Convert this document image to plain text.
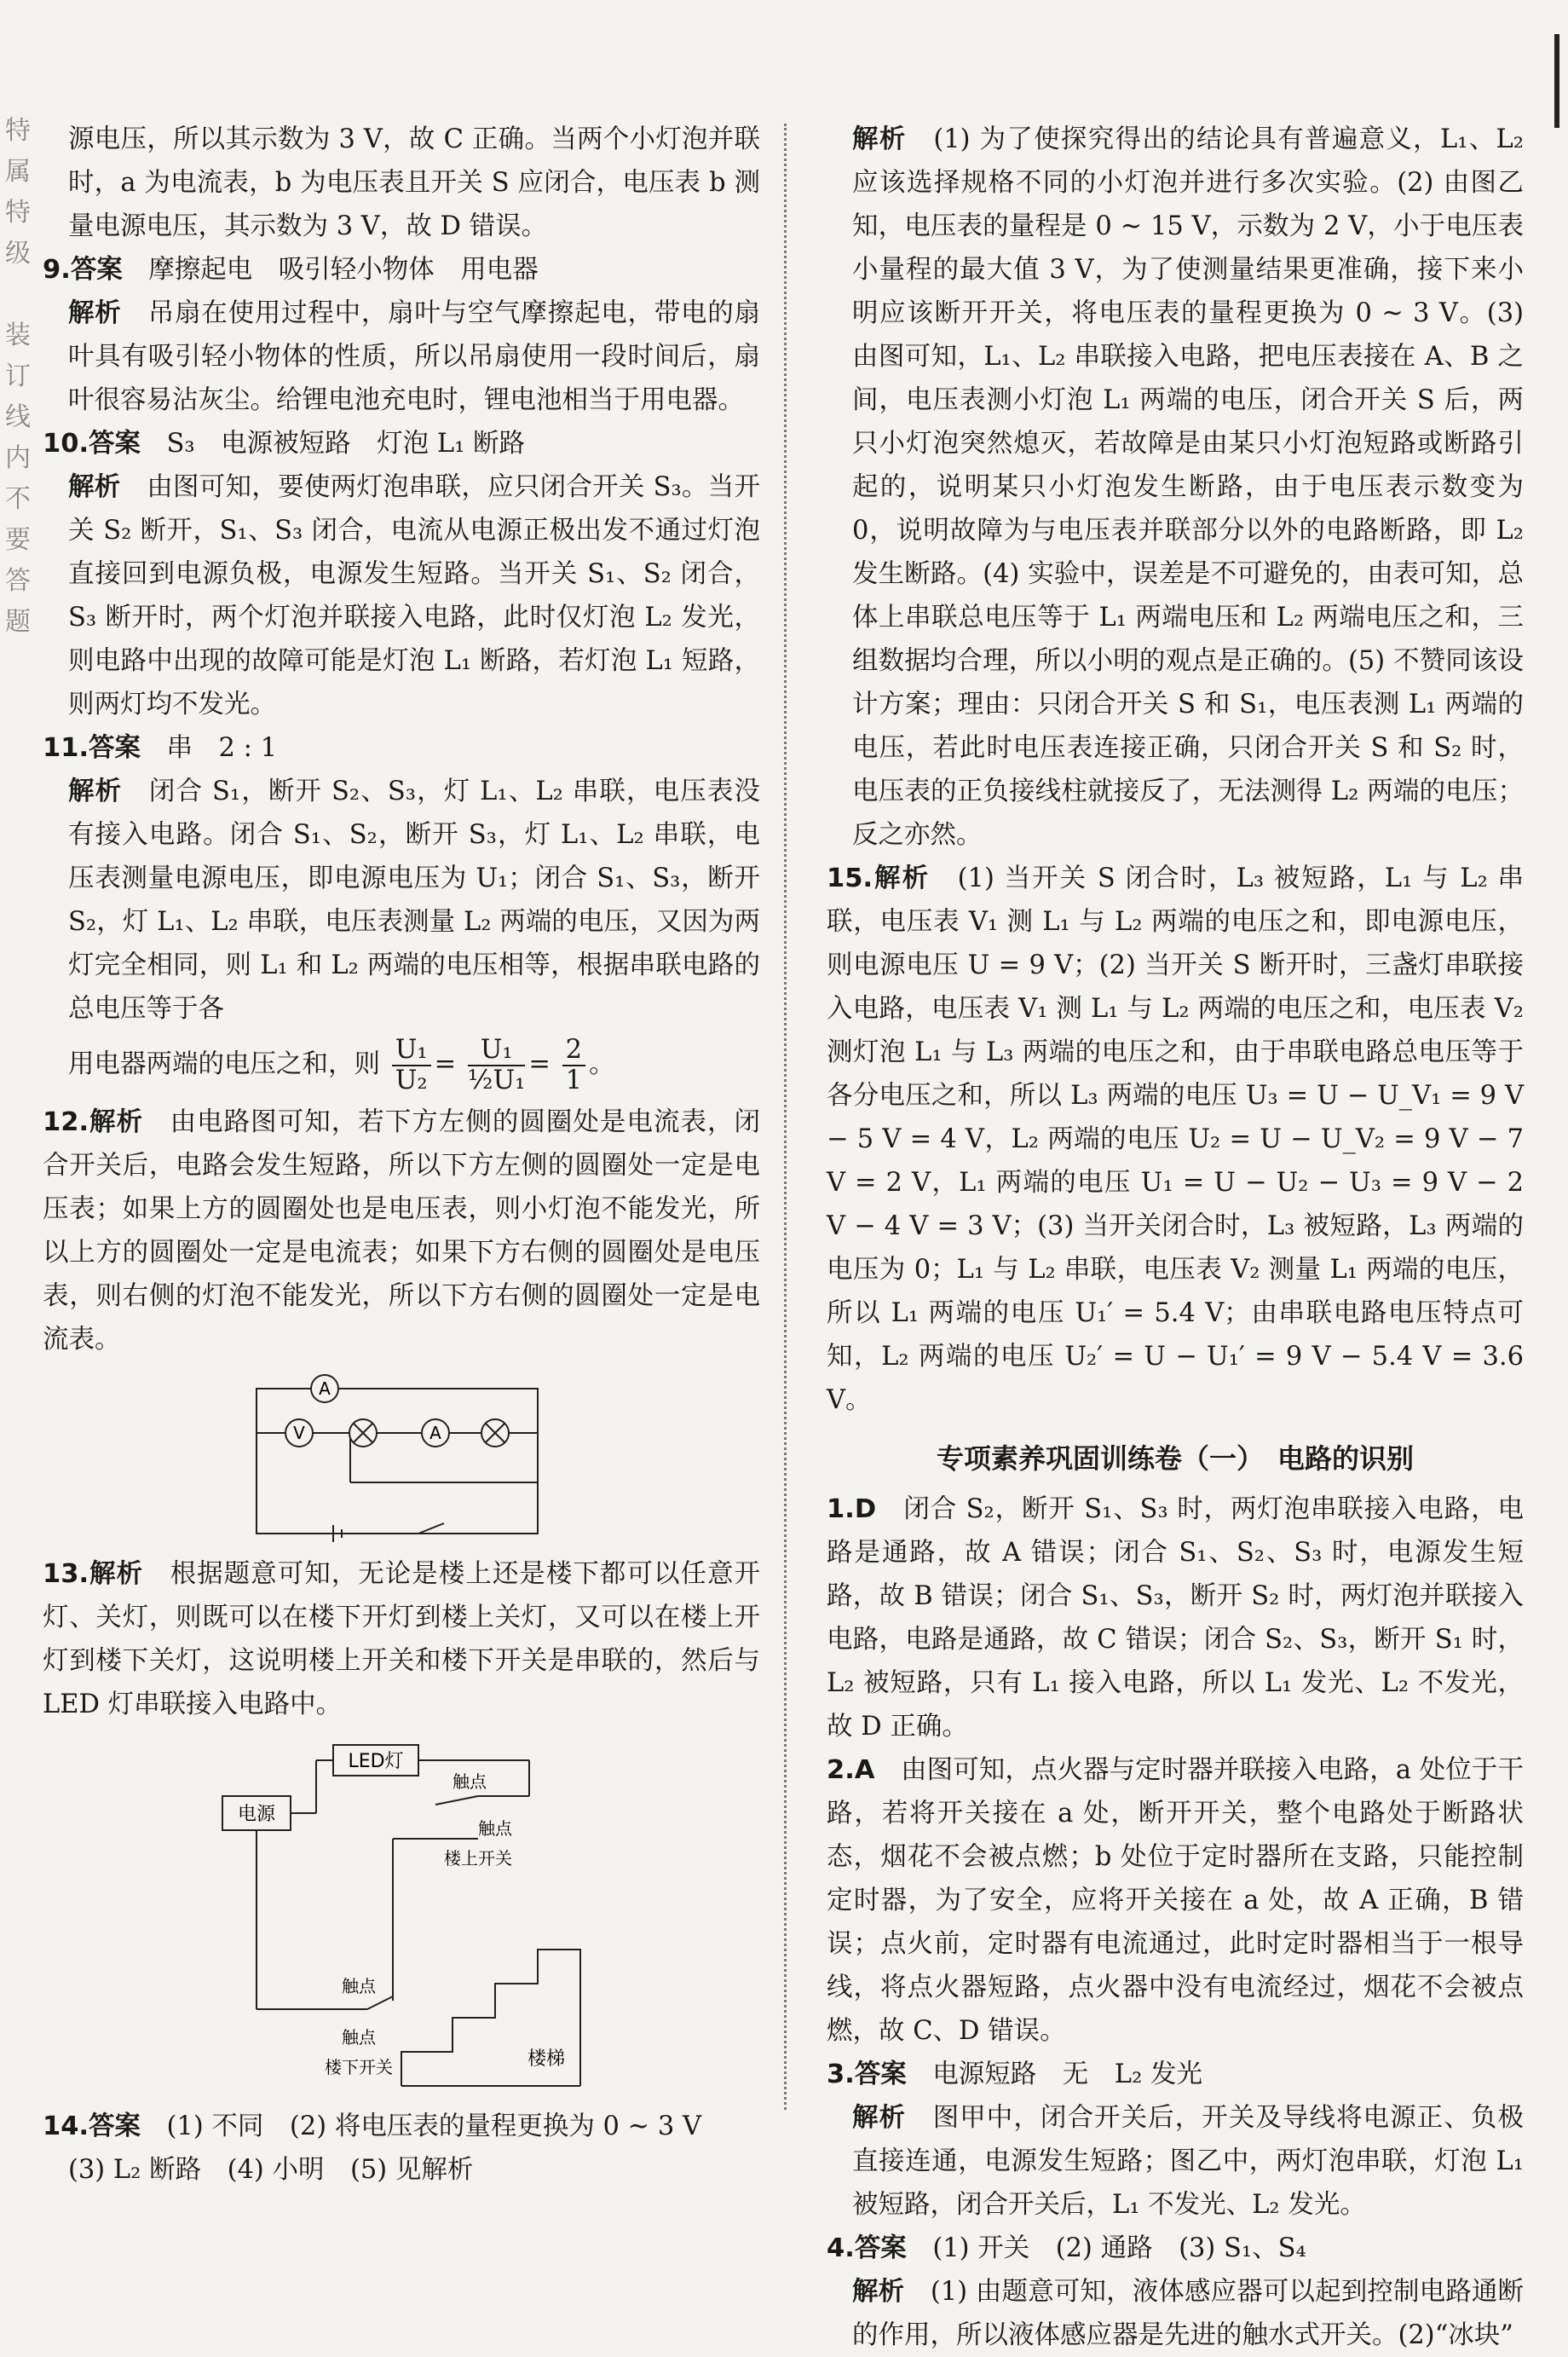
特
属
特
级

装
订
线
内
不
要
答
题

源电压，所以其示数为 3 V，故 C 正确。当两个小灯泡并联时，a 为电流表，b 为电压表且开关 S 应闭合，电压表 b 测量电源电压，其示数为 3 V，故 D 错误。

9.答案　 摩擦起电　吸引轻小物体　用电器

解析　 吊扇在使用过程中，扇叶与空气摩擦起电，带电的扇叶具有吸引轻小物体的性质，所以吊扇使用一段时间后，扇叶很容易沾灰尘。给锂电池充电时，锂电池相当于用电器。

10.答案　 S₃　电源被短路　灯泡 L₁ 断路

解析　 由图可知，要使两灯泡串联，应只闭合开关 S₃。当开关 S₂ 断开，S₁、S₃ 闭合，电流从电源正极出发不通过灯泡直接回到电源负极，电源发生短路。当开关 S₁、S₂ 闭合，S₃ 断开时，两个灯泡并联接入电路，此时仅灯泡 L₂ 发光，则电路中出现的故障可能是灯泡 L₁ 断路，若灯泡 L₁ 短路，则两灯均不发光。

11.答案　 串　2 : 1

解析　 闭合 S₁，断开 S₂、S₃，灯 L₁、L₂ 串联，电压表没有接入电路。闭合 S₁、S₂，断开 S₃，灯 L₁、L₂ 串联，电压表测量电源电压，即电源电压为 U₁；闭合 S₁、S₃，断开 S₂，灯 L₁、L₂ 串联，电压表测量 L₂ 两端的电压，又因为两灯完全相同，则 L₁ 和 L₂ 两端的电压相等，根据串联电路的总电压等于各

用电器两端的电压之和，则 $\frac{\text{U₁}}{\text{U₂}} = \frac{\text{U₁}}{\text{½U₁}} = \frac{2}{1}$ 。

12.解析　 由电路图可知，若下方左侧的圆圈处是电流表，闭合开关后，电路会发生短路，所以下方左侧的圆圈处一定是电压表；如果上方的圆圈处也是电压表，则小灯泡不能发光，所以上方的圆圈处一定是电流表；如果下方右侧的圆圈处是电压表，则右侧的灯泡不能发光，所以下方右侧的圆圈处一定是电流表。

A
V	A

13.解析　 根据题意可知，无论是楼上还是楼下都可以任意开灯、关灯，则既可以在楼下开灯到楼上关灯，又可以在楼上开灯到楼下关灯，这说明楼上开关和楼下开关是串联的，然后与 LED 灯串联接入电路中。

LED灯
电源
触点
触点
楼上开关
触点
触点
楼下开关	楼梯

14.答案　 (1) 不同　(2) 将电压表的量程更换为 0 ~ 3 V

(3) L₂ 断路　(4) 小明　(5) 见解析

解析　 (1) 为了使探究得出的结论具有普遍意义，L₁、L₂ 应该选择规格不同的小灯泡并进行多次实验。(2) 由图乙知，电压表的量程是 0 ~ 15 V，示数为 2 V，小于电压表小量程的最大值 3 V，为了使测量结果更准确，接下来小明应该断开开关，将电压表的量程更换为 0 ~ 3 V。(3) 由图可知，L₁、L₂ 串联接入电路，把电压表接在 A、B 之间，电压表测小灯泡 L₁ 两端的电压，闭合开关 S 后，两只小灯泡突然熄灭，若故障是由某只小灯泡短路或断路引起的，说明某只小灯泡发生断路，由于电压表示数变为 0，说明故障为与电压表并联部分以外的电路断路，即 L₂ 发生断路。(4) 实验中，误差是不可避免的，由表可知，总体上串联总电压等于 L₁ 两端电压和 L₂ 两端电压之和，三组数据均合理，所以小明的观点是正确的。(5) 不赞同该设计方案；理由：只闭合开关 S 和 S₁，电压表测 L₁ 两端的电压，若此时电压表连接正确，只闭合开关 S 和 S₂ 时，电压表的正负接线柱就接反了，无法测得 L₂ 两端的电压；反之亦然。

15.解析　 (1) 当开关 S 闭合时，L₃ 被短路，L₁ 与 L₂ 串联，电压表 V₁ 测 L₁ 与 L₂ 两端的电压之和，即电源电压，则电源电压 U = 9 V；(2) 当开关 S 断开时，三盏灯串联接入电路，电压表 V₁ 测 L₁ 与 L₂ 两端的电压之和，电压表 V₂ 测灯泡 L₁ 与 L₃ 两端的电压之和，由于串联电路总电压等于各分电压之和，所以 L₃ 两端的电压 U₃ = U − U_V₁ = 9 V − 5 V = 4 V，L₂ 两端的电压 U₂ = U − U_V₂ = 9 V − 7 V = 2 V，L₁ 两端的电压 U₁ = U − U₂ − U₃ = 9 V − 2 V − 4 V = 3 V；(3) 当开关闭合时，L₃ 被短路，L₃ 两端的电压为 0；L₁ 与 L₂ 串联，电压表 V₂ 测量 L₁ 两端的电压，所以 L₁ 两端的电压 U₁′ = 5.4 V；由串联电路电压特点可知，L₂ 两端的电压 U₂′ = U − U₁′ = 9 V − 5.4 V = 3.6 V。

专项素养巩固训练卷（一）　电路的识别

1.D　 闭合 S₂，断开 S₁、S₃ 时，两灯泡串联接入电路，电路是通路，故 A 错误；闭合 S₁、S₂、S₃ 时，电源发生短路，故 B 错误；闭合 S₁、S₃，断开 S₂ 时，两灯泡并联接入电路，电路是通路，故 C 错误；闭合 S₂、S₃，断开 S₁ 时，L₂ 被短路，只有 L₁ 接入电路，所以 L₁ 发光、L₂ 不发光，故 D 正确。

2.A　 由图可知，点火器与定时器并联接入电路，a 处位于干路，若将开关接在 a 处，断开开关，整个电路处于断路状态，烟花不会被点燃；b 处位于定时器所在支路，只能控制定时器，为了安全，应将开关接在 a 处，故 A 正确，B 错误；点火前，定时器有电流通过，此时定时器相当于一根导线，将点火器短路，点火器中没有电流经过，烟花不会被点燃，故 C、D 错误。

3.答案　 电源短路　无　L₂ 发光

解析　 图甲中，闭合开关后，开关及导线将电源正、负极直接连通，电源发生短路；图乙中，两灯泡串联，灯泡 L₁ 被短路，闭合开关后，L₁ 不发光、L₂ 发光。

4.答案　 (1) 开关　(2) 通路　(3) S₁、S₄

解析　 (1) 由题意可知，液体感应器可以起到控制电路通断的作用，所以液体感应器是先进的触水式开关。(2)“冰块”
